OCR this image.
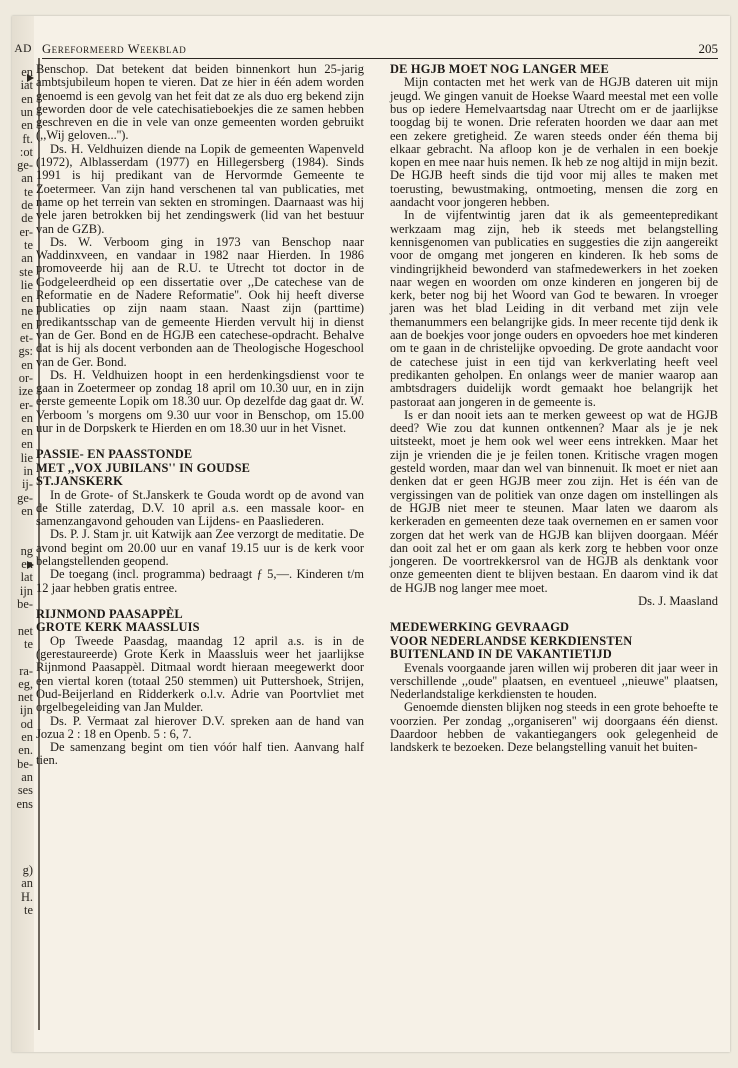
AD
en
iat
en
un
en
ft.
:ot
ge-
an
te
de
de
er-
te
an
ste
lie
en
ne
en
et-
gs:
en
or-
ize
er-
en
en
en
lie
in
ij-
ge-
en
ng
en
lat
ijn
be-
net
te
ra-
eg,
net
ijn
od
en
en.
be-
an
ses
ens
g)
an
H.
te
Gereformeerd Weekblad	205

Benschop. Dat betekent dat beiden binnenkort hun 25-jarig ambtsjubileum hopen te vieren. Dat ze hier in één adem worden genoemd is een gevolg van het feit dat ze als duo erg bekend zijn geworden door de vele catechisatieboekjes die ze samen hebben geschreven en die in vele van onze gemeenten worden gebruikt (,,Wij geloven...'').

Ds. H. Veldhuizen diende na Lopik de gemeenten Wapenveld (1972), Alblasserdam (1977) en Hillegersberg (1984). Sinds 1991 is hij predikant van de Hervormde Gemeente te Zoetermeer. Van zijn hand verschenen tal van publicaties, met name op het terrein van sekten en stromingen. Daarnaast was hij vele jaren betrokken bij het zendingswerk (lid van het bestuur van de GZB).

Ds. W. Verboom ging in 1973 van Benschop naar Waddinxveen, en vandaar in 1982 naar Hierden. In 1986 promoveerde hij aan de R.U. te Utrecht tot doctor in de Godgeleerdheid op een dissertatie over ,,De catechese van de Reformatie en de Nadere Reformatie''. Ook hij heeft diverse publicaties op zijn naam staan. Naast zijn (parttime) predikantsschap van de gemeente Hierden vervult hij in dienst van de Ger. Bond en de HGJB een catechese-opdracht. Behalve dat is hij als docent verbonden aan de Theologische Hogeschool van de Ger. Bond.

Ds. H. Veldhuizen hoopt in een herdenkingsdienst voor te gaan in Zoetermeer op zondag 18 april om 10.30 uur, en in zijn eerste gemeente Lopik om 18.30 uur. Op dezelfde dag gaat dr. W. Verboom 's morgens om 9.30 uur voor in Benschop, om 15.00 uur in de Dorpskerk te Hierden en om 18.30 uur in het Visnet.

PASSIE- EN PAASSTONDE
MET ,,VOX JUBILANS'' IN GOUDSE
ST.JANSKERK

In de Grote- of St.Janskerk te Gouda wordt op de avond van de Stille zaterdag, D.V. 10 april a.s. een massale koor- en samenzangavond gehouden van Lijdens- en Paasliederen.

Ds. P. J. Stam jr. uit Katwijk aan Zee verzorgt de meditatie. De avond begint om 20.00 uur en vanaf 19.15 uur is de kerk voor belangstellenden geopend.

De toegang (incl. programma) bedraagt ƒ 5,—. Kinderen t/m 12 jaar hebben gratis entree.

RIJNMOND PAASAPPÈL
GROTE KERK MAASSLUIS

Op Tweede Paasdag, maandag 12 april a.s. is in de (gerestaureerde) Grote Kerk in Maassluis weer het jaarlijkse Rijnmond Paasappèl. Ditmaal wordt hieraan meegewerkt door een viertal koren (totaal 250 stemmen) uit Puttershoek, Strijen, Oud-Beijerland en Ridderkerk o.l.v. Adrie van Poortvliet met orgelbegeleiding van Jan Mulder.

Ds. P. Vermaat zal hierover D.V. spreken aan de hand van Jozua 2 : 18 en Openb. 5 : 6, 7.

De samenzang begint om tien vóór half tien. Aanvang half tien.

DE HGJB MOET NOG LANGER MEE

Mijn contacten met het werk van de HGJB dateren uit mijn jeugd. We gingen vanuit de Hoekse Waard meestal met een volle bus op iedere Hemelvaartsdag naar Utrecht om er de jaarlijkse toogdag bij te wonen. Drie referaten hoorden we daar aan met een zekere gretigheid. Ze waren steeds onder één thema bij elkaar gebracht. Na afloop kon je de verhalen in een boekje kopen en mee naar huis nemen. Ik heb ze nog altijd in mijn bezit. De HGJB heeft sinds die tijd voor mij alles te maken met toerusting, bewustmaking, ontmoeting, mensen die zorg en aandacht voor jongeren hebben.

In de vijfentwintig jaren dat ik als gemeentepredikant werkzaam mag zijn, heb ik steeds met belangstelling kennisgenomen van publicaties en suggesties die zijn aangereikt voor de omgang met jongeren en kinderen. Ik heb soms de vindingrijkheid bewonderd van stafmedewerkers in het zoeken naar wegen en woorden om onze kinderen en jongeren bij de kerk, beter nog bij het Woord van God te bewaren. In vroeger jaren was het blad Leiding in dit verband met zijn vele themanummers een belangrijke gids. In meer recente tijd denk ik aan de boekjes voor jonge ouders en opvoeders hoe met kinderen om te gaan in de christelijke opvoeding. De grote aandacht voor de catechese juist in een tijd van kerkverlating heeft veel predikanten geholpen. En onlangs weer de manier waarop aan ambtsdragers duidelijk wordt gemaakt hoe belangrijk het pastoraat aan jongeren in de gemeente is.

Is er dan nooit iets aan te merken geweest op wat de HGJB deed? Wie zou dat kunnen ontkennen? Maar als je je nek uitsteekt, moet je hem ook wel weer eens intrekken. Maar het zijn je vrienden die je je feilen tonen. Kritische vragen mogen gesteld worden, maar dan wel van binnenuit. Ik moet er niet aan denken dat er geen HGJB meer zou zijn. Het is één van de vergissingen van de politiek van onze dagen om instellingen als de HGJB niet meer te steunen. Maar laten we daarom als kerkeraden en gemeenten deze taak overnemen en er samen voor zorgen dat het werk van de HGJB kan blijven doorgaan. Méér dan ooit zal het er om gaan als kerk zorg te hebben voor onze jongeren. De voortrekkersrol van de HGJB als denktank voor onze gemeenten dient te blijven bestaan. En daarom vind ik dat de HGJB nog langer mee moet.

Ds. J. Maasland
MEDEWERKING GEVRAAGD
VOOR NEDERLANDSE KERKDIENSTEN
BUITENLAND IN DE VAKANTIETIJD

Evenals voorgaande jaren willen wij proberen dit jaar weer in verschillende ,,oude'' plaatsen, en eventueel ,,nieuwe'' plaatsen, Nederlandstalige kerkdiensten te houden.

Genoemde diensten blijken nog steeds in een grote behoefte te voorzien. Per zondag ,,organiseren'' wij doorgaans één dienst. Daardoor hebben de vakantiegangers ook gelegenheid de landskerk te bezoeken. Deze belangstelling vanuit het buiten-
